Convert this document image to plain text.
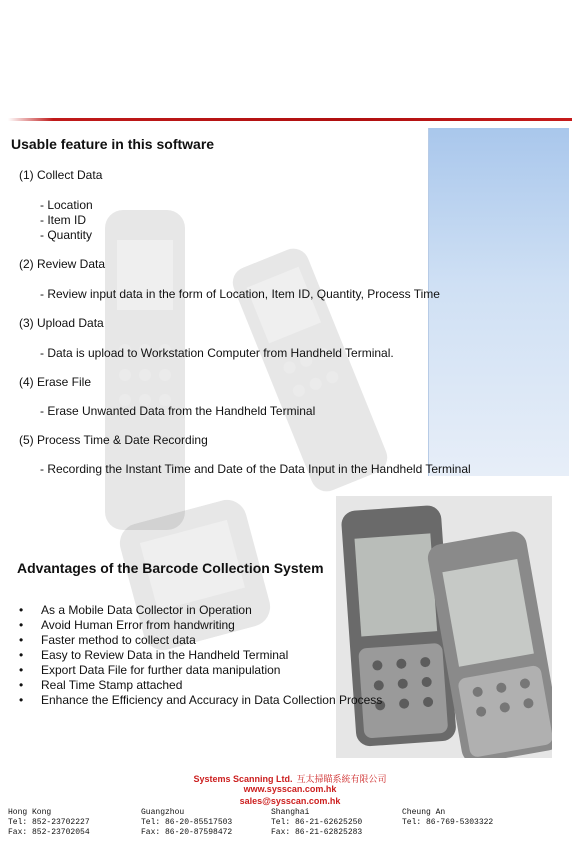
Usable feature in this software

(1) Collect Data

- Location

- Item ID

- Quantity

(2) Review Data

- Review input data in the form of Location, Item ID, Quantity, Process Time

(3) Upload Data

- Data is upload to Workstation Computer from Handheld Terminal.

(4) Erase File

- Erase Unwanted Data from the Handheld Terminal

(5) Process Time & Date Recording

- Recording the Instant Time and Date of the Data Input in the Handheld Terminal

Advantages of the Barcode Collection System
• As a Mobile Data Collector in Operation
• Avoid Human Error from handwriting
• Faster method to collect data
• Easy to Review Data in the Handheld Terminal
• Export Data File for further data manipulation
• Real Time Stamp attached
• Enhance the Efficiency and Accuracy in Data Collection Process
Systems Scanning Ltd. 互太掃瞄系統有限公司
www.sysscan.com.hk
sales@sysscan.com.hk
Hong Kong
Tel: 852-23702227
Fax: 852-23702054
Guangzhou
Tel: 86-20-85517503
Fax: 86-20-87598472
Shanghai
Tel: 86-21-62625250
Fax: 86-21-62825283
Cheung An
Tel: 86-769-5303322
